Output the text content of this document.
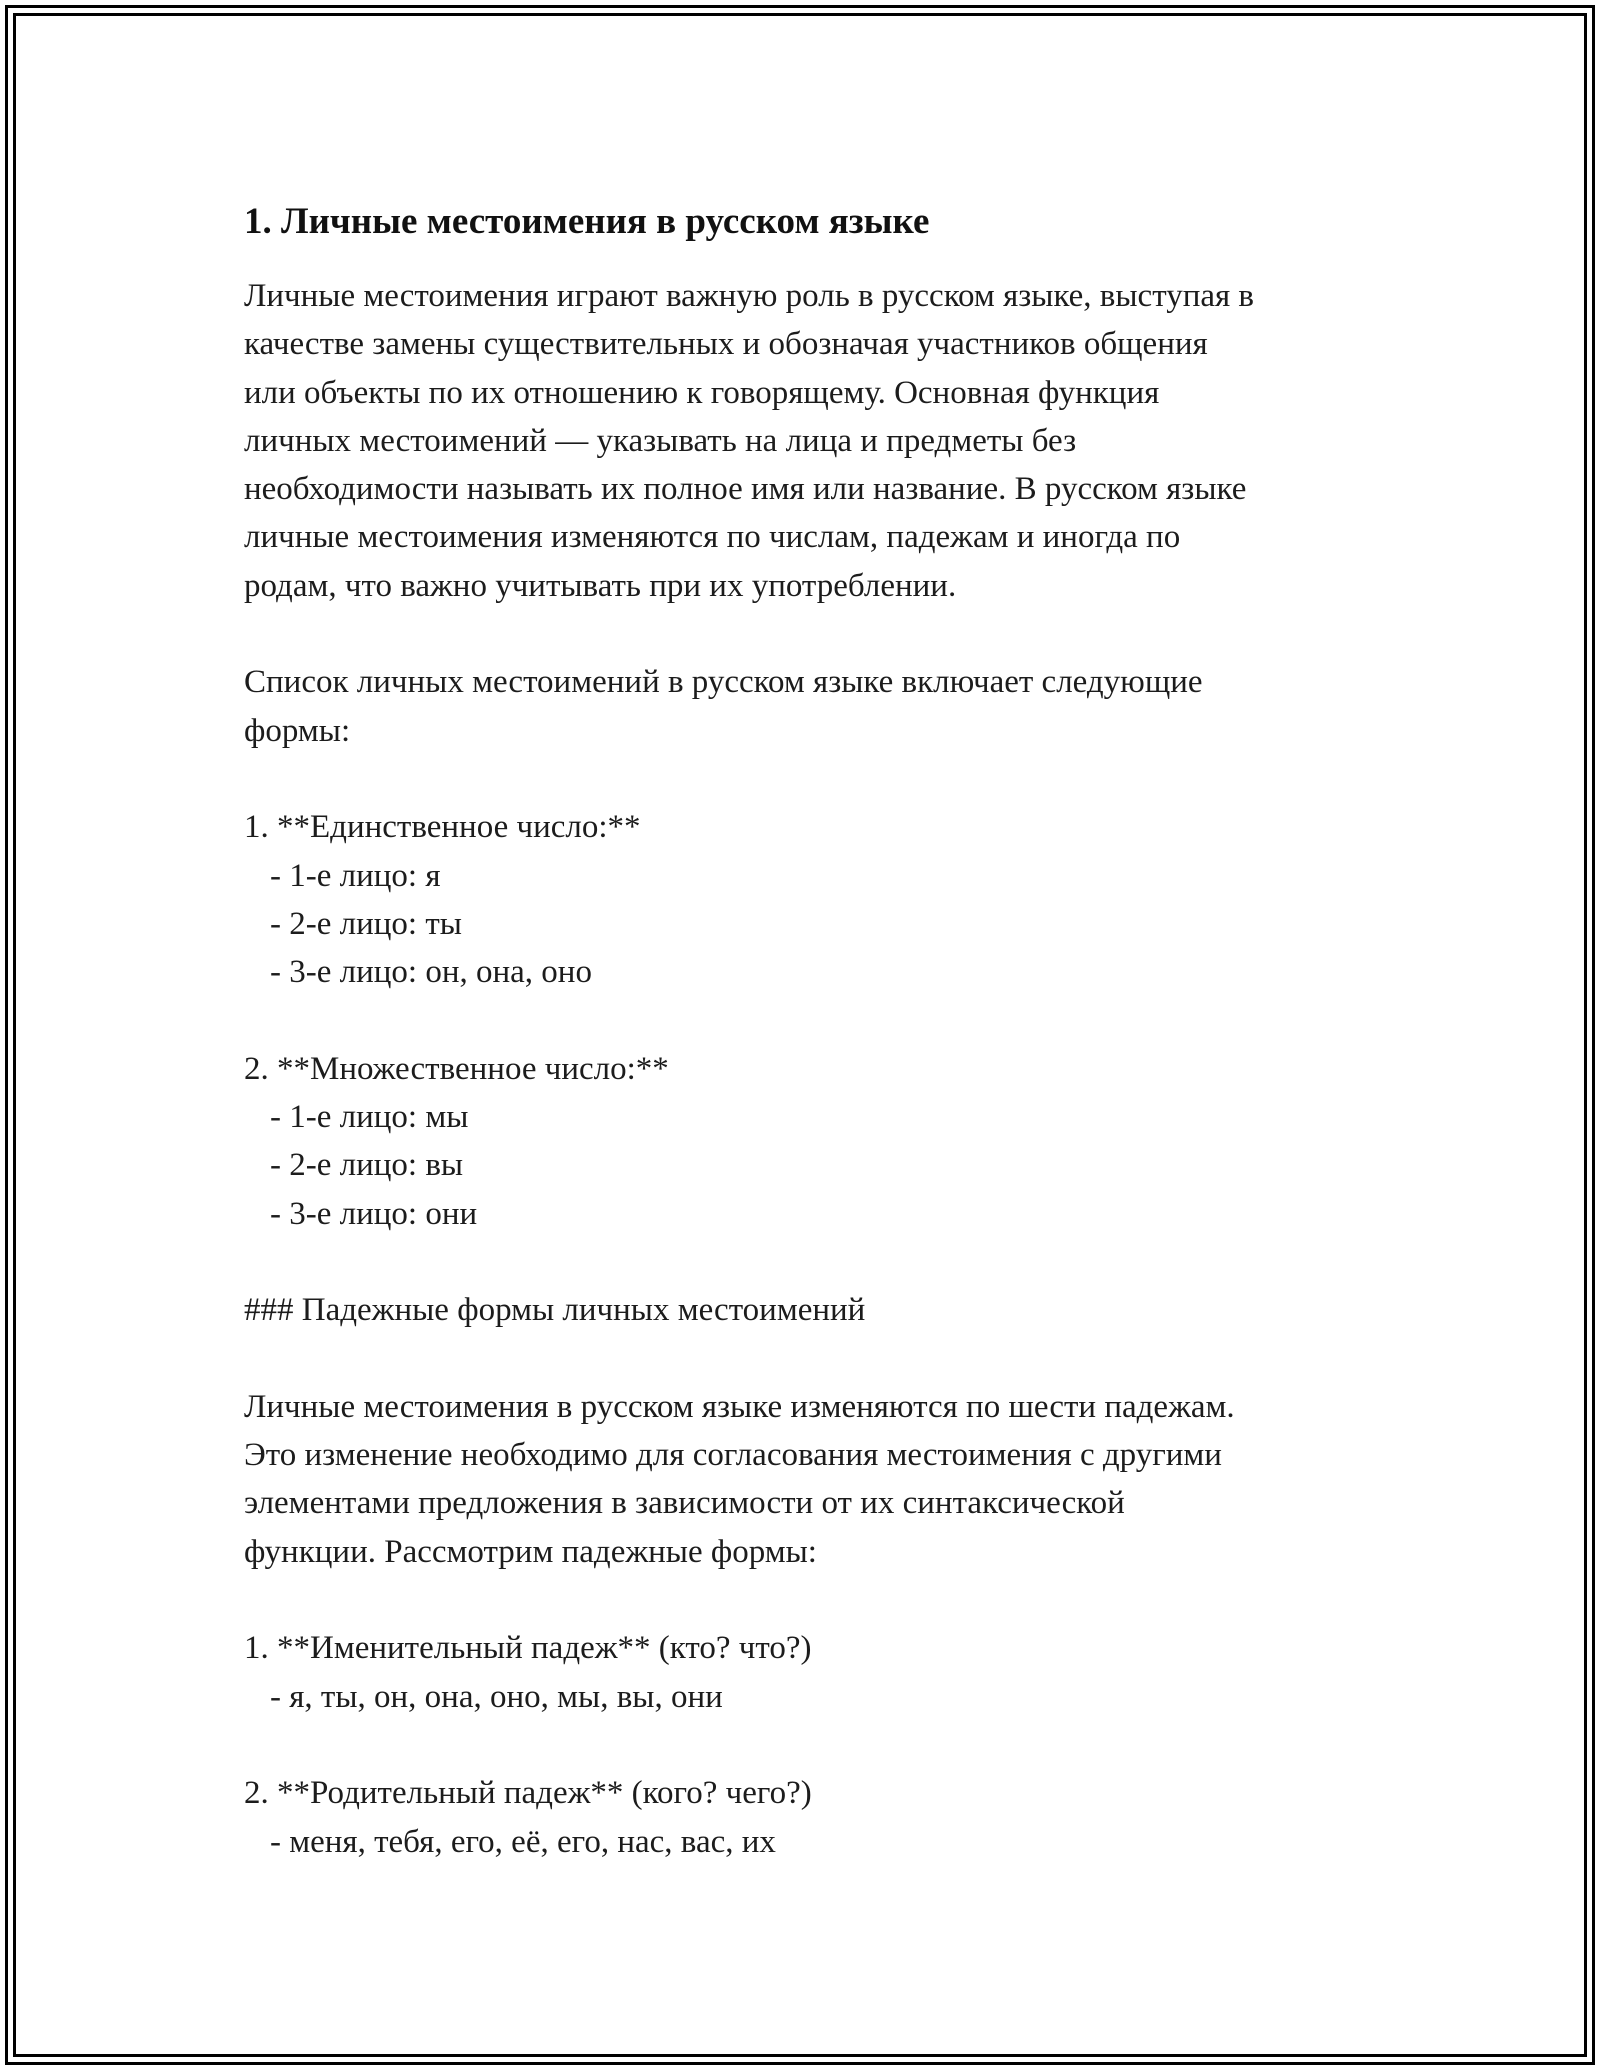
1. Личные местоимения в русском языке

Личные местоимения играют важную роль в русском языке, выступая в

качестве замены существительных и обозначая участников общения

или объекты по их отношению к говорящему. Основная функция

личных местоимений — указывать на лица и предметы без

необходимости называть их полное имя или название. В русском языке

личные местоимения изменяются по числам, падежам и иногда по

родам, что важно учитывать при их употреблении.

Список личных местоимений в русском языке включает следующие

формы:

1. **Единственное число:**

- 1-е лицо: я

- 2-е лицо: ты

- 3-е лицо: он, она, оно

2. **Множественное число:**

- 1-е лицо: мы

- 2-е лицо: вы

- 3-е лицо: они

### Падежные формы личных местоимений

Личные местоимения в русском языке изменяются по шести падежам.

Это изменение необходимо для согласования местоимения с другими

элементами предложения в зависимости от их синтаксической

функции. Рассмотрим падежные формы:

1. **Именительный падеж** (кто? что?)

- я, ты, он, она, оно, мы, вы, они

2. **Родительный падеж** (кого? чего?)

- меня, тебя, его, её, его, нас, вас, их
